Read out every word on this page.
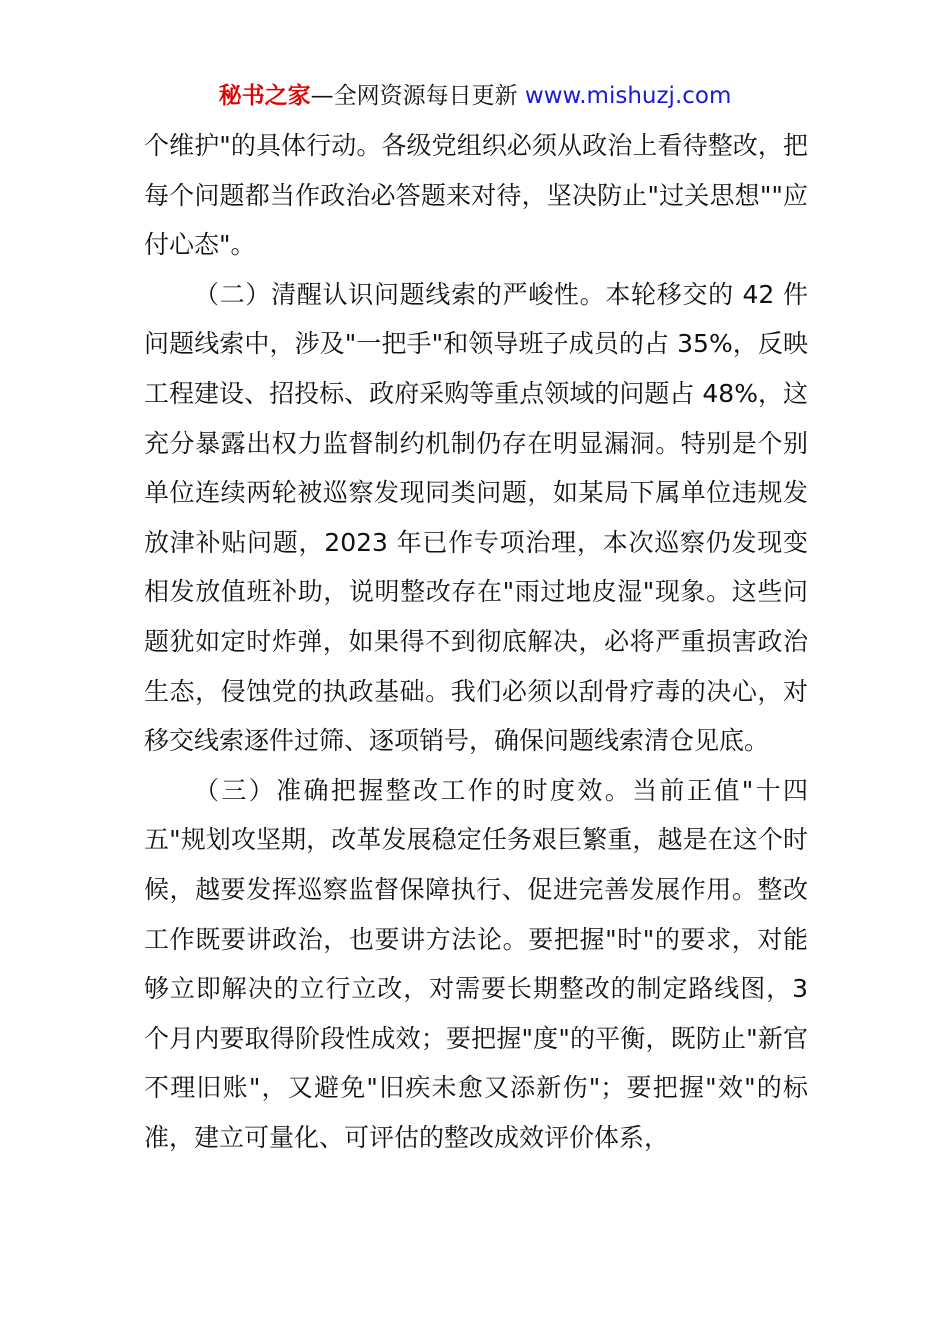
秘书之家—全网资源每日更新 www.mishuzj.com

个维护"的具体行动。各级党组织必须从政治上看待整改，把每个问题都当作政治必答题来对待，坚决防止"过关思想""应付心态"。

（二）清醒认识问题线索的严峻性。本轮移交的 42 件问题线索中，涉及"一把手"和领导班子成员的占 35%，反映工程建设、招投标、政府采购等重点领域的问题占 48%，这充分暴露出权力监督制约机制仍存在明显漏洞。特别是个别单位连续两轮被巡察发现同类问题，如某局下属单位违规发放津补贴问题，2023 年已作专项治理，本次巡察仍发现变相发放值班补助，说明整改存在"雨过地皮湿"现象。这些问题犹如定时炸弹，如果得不到彻底解决，必将严重损害政治生态，侵蚀党的执政基础。我们必须以刮骨疗毒的决心，对移交线索逐件过筛、逐项销号，确保问题线索清仓见底。

（三）准确把握整改工作的时度效。当前正值"十四五"规划攻坚期，改革发展稳定任务艰巨繁重，越是在这个时候，越要发挥巡察监督保障执行、促进完善发展作用。整改工作既要讲政治，也要讲方法论。要把握"时"的要求，对能够立即解决的立行立改，对需要长期整改的制定路线图，3 个月内要取得阶段性成效；要把握"度"的平衡，既防止"新官不理旧账"，又避免"旧疾未愈又添新伤"；要把握"效"的标准，建立可量化、可评估的整改成效评价体系，
